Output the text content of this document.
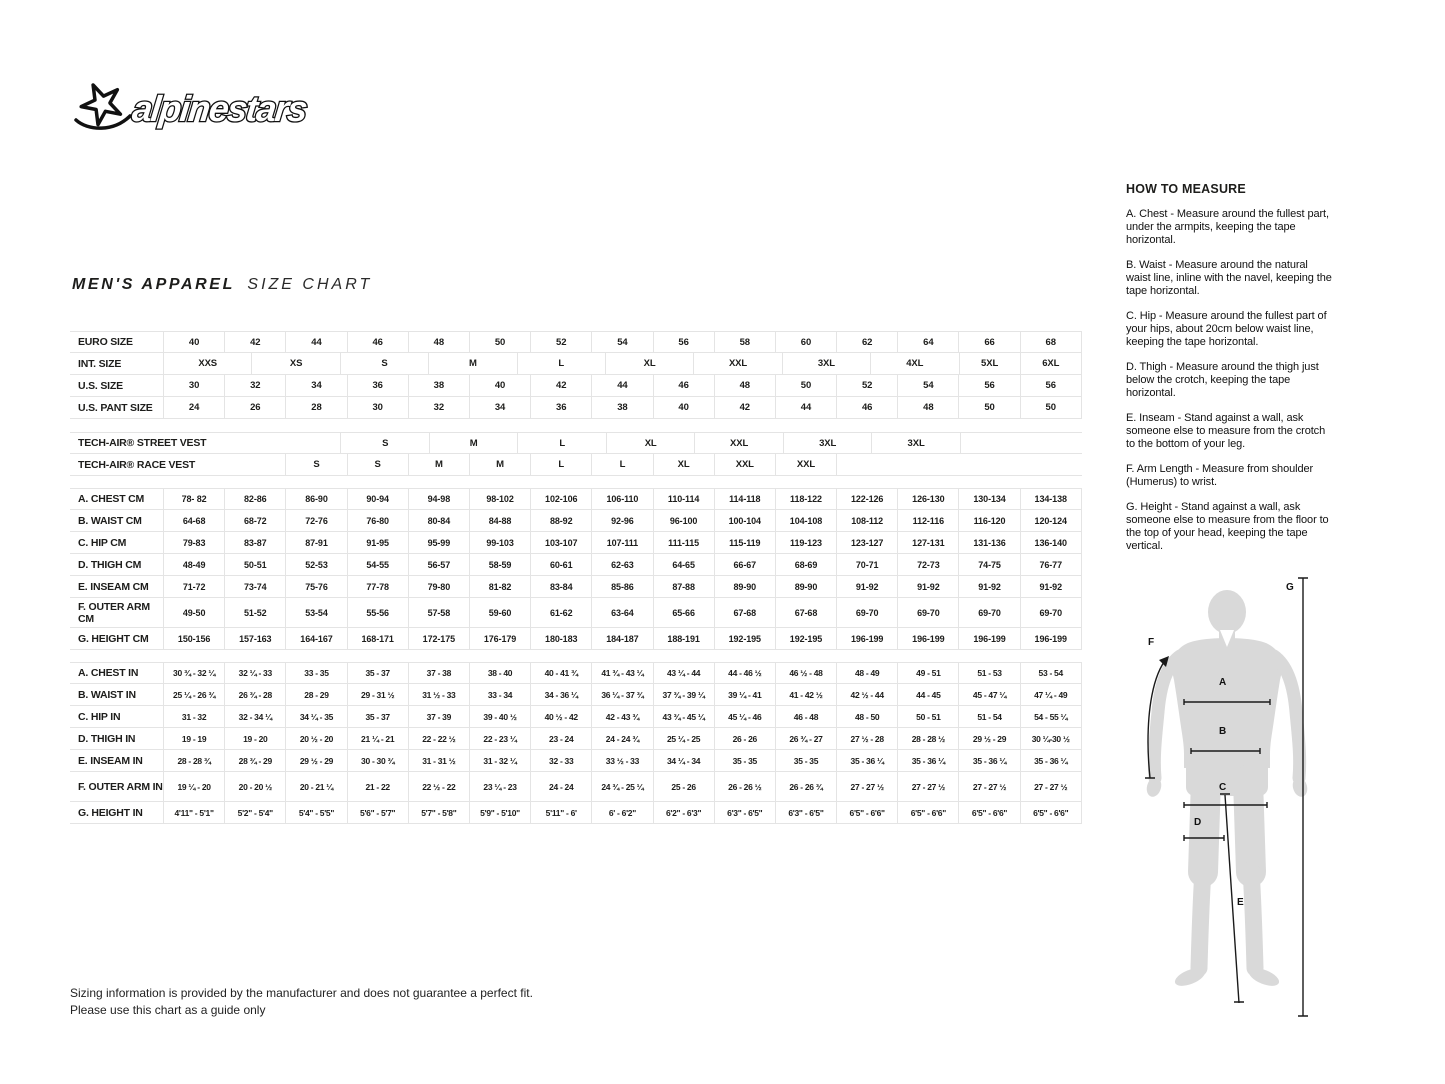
alpinestars
MEN'S APPAREL SIZE CHART
EURO SIZE	40	42	44	46	48	50	52	54	56	58	60	62	64	66	68
INT. SIZE	XXS	XS	S	M	L	XL	XXL	3XL	4XL	5XL	6XL
U.S. SIZE	30	32	34	36	38	40	42	44	46	48	50	52	54	56	56
U.S. PANT SIZE	24	26	28	30	32	34	36	38	40	42	44	46	48	50	50
TECH-AIR® STREET VEST	S	M	L	XL	XXL	3XL	3XL
TECH-AIR® RACE VEST	S	S	M	M	L	L	XL	XXL	XXL
A. CHEST CM	78- 82	82-86	86-90	90-94	94-98	98-102	102-106	106-110	110-114	114-118	118-122	122-126	126-130	130-134	134-138
B. WAIST CM	64-68	68-72	72-76	76-80	80-84	84-88	88-92	92-96	96-100	100-104	104-108	108-112	112-116	116-120	120-124
C. HIP CM	79-83	83-87	87-91	91-95	95-99	99-103	103-107	107-111	111-115	115-119	119-123	123-127	127-131	131-136	136-140
D. THIGH CM	48-49	50-51	52-53	54-55	56-57	58-59	60-61	62-63	64-65	66-67	68-69	70-71	72-73	74-75	76-77
E. INSEAM CM	71-72	73-74	75-76	77-78	79-80	81-82	83-84	85-86	87-88	89-90	89-90	91-92	91-92	91-92	91-92
F. OUTER ARM CM	49-50	51-52	53-54	55-56	57-58	59-60	61-62	63-64	65-66	67-68	67-68	69-70	69-70	69-70	69-70
G. HEIGHT CM	150-156	157-163	164-167	168-171	172-175	176-179	180-183	184-187	188-191	192-195	192-195	196-199	196-199	196-199	196-199
A. CHEST IN	30 ¾ - 32 ¼	32 ¼ - 33	33 - 35	35 - 37	37 - 38	38 - 40	40 - 41 ¾	41 ¾ - 43 ¼	43 ¼ - 44	44 - 46 ½	46 ½ - 48	48 - 49	49 - 51	51 - 53	53 - 54
B. WAIST IN	25 ¼ - 26 ¾	26 ¾ - 28	28 - 29	29 - 31 ½	31 ½ - 33	33 - 34	34 - 36 ¼	36 ¼ - 37 ¾	37 ¾ - 39 ¼	39 ¼ - 41	41 - 42 ½	42 ½ - 44	44 - 45	45 - 47 ¼	47 ¼ - 49
C. HIP IN	31 - 32	32 - 34 ¼	34 ¼ - 35	35 - 37	37 - 39	39 - 40 ½	40 ½ - 42	42 - 43 ¾	43 ¾ - 45 ¼	45 ¼ - 46	46 - 48	48 - 50	50 - 51	51 - 54	54 - 55 ¼
D. THIGH IN	19 - 19	19 - 20	20 ½ - 20	21 ¼ - 21	22 - 22 ½	22 - 23 ¼	23 - 24	24 - 24 ¾	25 ¼ - 25	26 - 26	26 ¾ - 27	27 ½ - 28	28 - 28 ½	29 ½ - 29	30 ¼-30 ½
E. INSEAM IN	28 - 28 ¾	28 ¾ - 29	29 ½ - 29	30 - 30 ¾	31 - 31 ½	31 - 32 ¼	32 - 33	33 ½ - 33	34 ¼ - 34	35 - 35	35 - 35	35 - 36 ¼	35 - 36 ¼	35 - 36 ¼	35 - 36 ¼
F. OUTER ARM IN	19 ¼ - 20	20 - 20 ½	20 - 21 ¼	21 - 22	22 ½ - 22	23 ¼ - 23	24 - 24	24 ¾ - 25 ¼	25 - 26	26 - 26 ½	26 - 26 ¾	27 - 27 ½	27 - 27 ½	27 - 27 ½	27 - 27 ½
G. HEIGHT IN	4'11" - 5'1"	5'2" - 5'4"	5'4" - 5'5"	5'6" - 5'7"	5'7" - 5'8"	5'9" - 5'10"	5'11" - 6'	6' - 6'2"	6'2" - 6'3"	6'3" - 6'5"	6'3" - 6'5"	6'5" - 6'6"	6'5" - 6'6"	6'5" - 6'6"	6'5" - 6'6"
HOW TO MEASURE

A. Chest - Measure around the fullest part, under the armpits, keeping the tape horizontal.

B. Waist - Measure around the natural waist line, inline with the navel, keeping the tape horizontal.

C. Hip - Measure around the fullest part of your hips, about 20cm below waist line, keeping the tape horizontal.

D. Thigh - Measure around the thigh just below the crotch, keeping the tape horizontal.

E. Inseam - Stand against a wall, ask someone else to measure from the crotch to the bottom of your leg.

F. Arm Length - Measure from shoulder (Humerus) to wrist.

G. Height - Stand against a wall, ask someone else to measure from the floor to the top of your head, keeping the tape vertical.

A
B
C
D
E
F
G
Sizing information is provided by the manufacturer and does not guarantee a perfect fit.
Please use this chart as a guide only
